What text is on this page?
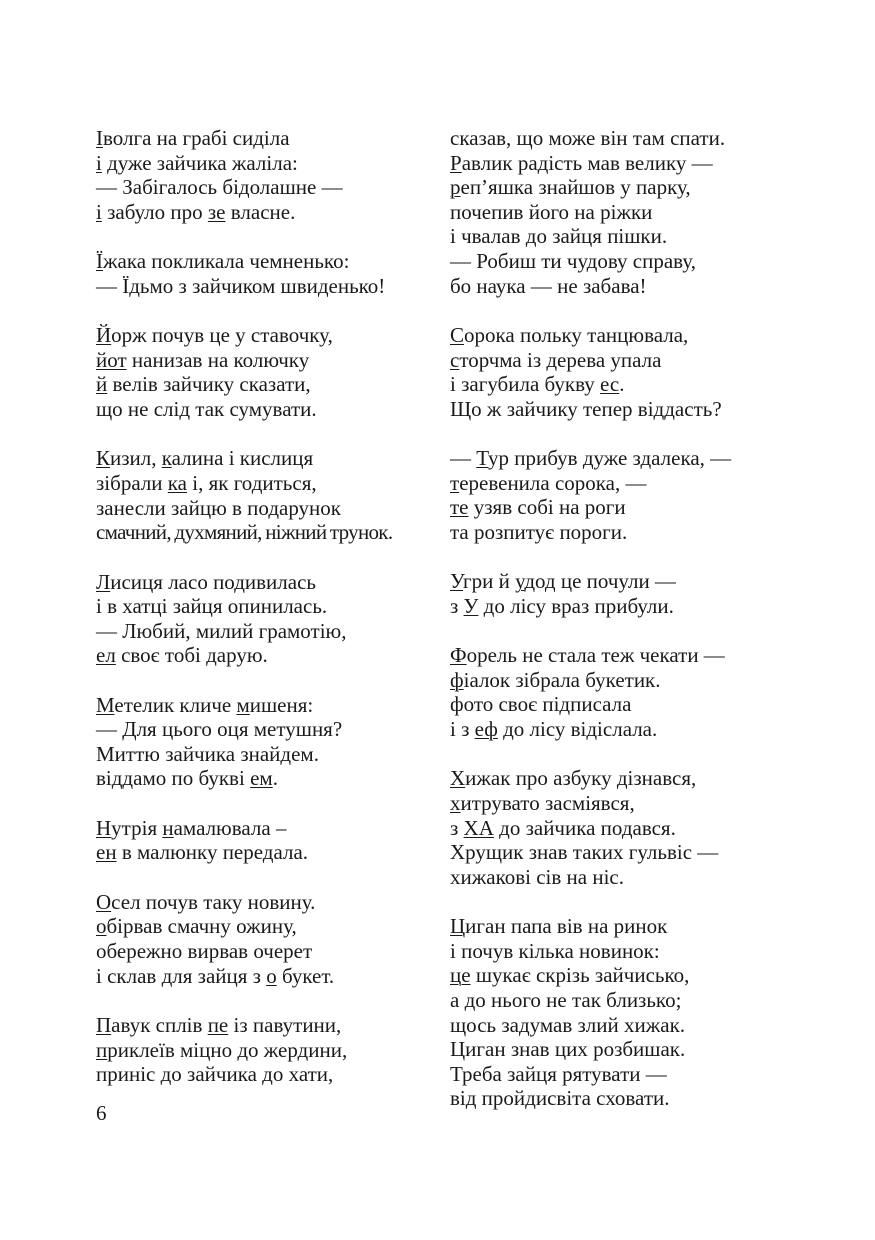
Іволга на грабі сиділа
і дуже зайчика жаліла:
— Забігалось бідолашне —
і забуло про зе власне.
Їжака покликала чемненько:
— Їдьмо з зайчиком швиденько!
Йорж почув це у ставочку,
йот нанизав на колючку
й велів зайчику сказати,
що не слід так сумувати.
Кизил, калина і кислиця
зібрали ка і, як годиться,
занесли зайцю в подарунок
смачний, духмяний, ніжний трунок.
Лисиця ласо подивилась
і в хатці зайця опинилась.
— Любий, милий грамотію,
ел своє тобі дарую.
Метелик кличе мишеня:
— Для цього оця метушня?
Миттю зайчика знайдем.
віддамо по букві ем.
Нутрія намалювала ‒
ен в малюнку передала.
Осел почув таку новину.
обірвав смачну ожину,
обережно вирвав очерет
і склав для зайця з о букет.
Павук сплів пе із павутини,
приклеїв міцно до жердини,
приніс до зайчика до хати,
сказав, що може він там спати.
Равлик радість мав велику —
реп’яшка знайшов у парку,
почепив його на ріжки
і чвалав до зайця пішки.
— Робиш ти чудову справу,
бо наука — не забава!
Сорока польку танцювала,
сторчма із дерева упала
і загубила букву ес.
Що ж зайчику тепер віддасть?
— Тур прибув дуже здалека, —
теревенила сорока, —
те узяв собі на роги
та розпитує пороги.
Угри й удод це почули —
з У до лісу враз прибули.
Форель не стала теж чекати —
фіалок зібрала букетик.
фото своє підписала
і з еф до лісу відіслала.
Хижак про азбуку дізнався,
хитрувато засміявся,
з ХА до зайчика подався.
Хрущик знав таких гульвіс —
хижакові сів на ніс.
Циган папа вів на ринок
і почув кілька новинок:
це шукає скрізь зайчисько,
а до нього не так близько;
щось задумав злий хижак.
Циган знав цих розбишак.
Треба зайця рятувати —
від пройдисвіта сховати.
6
